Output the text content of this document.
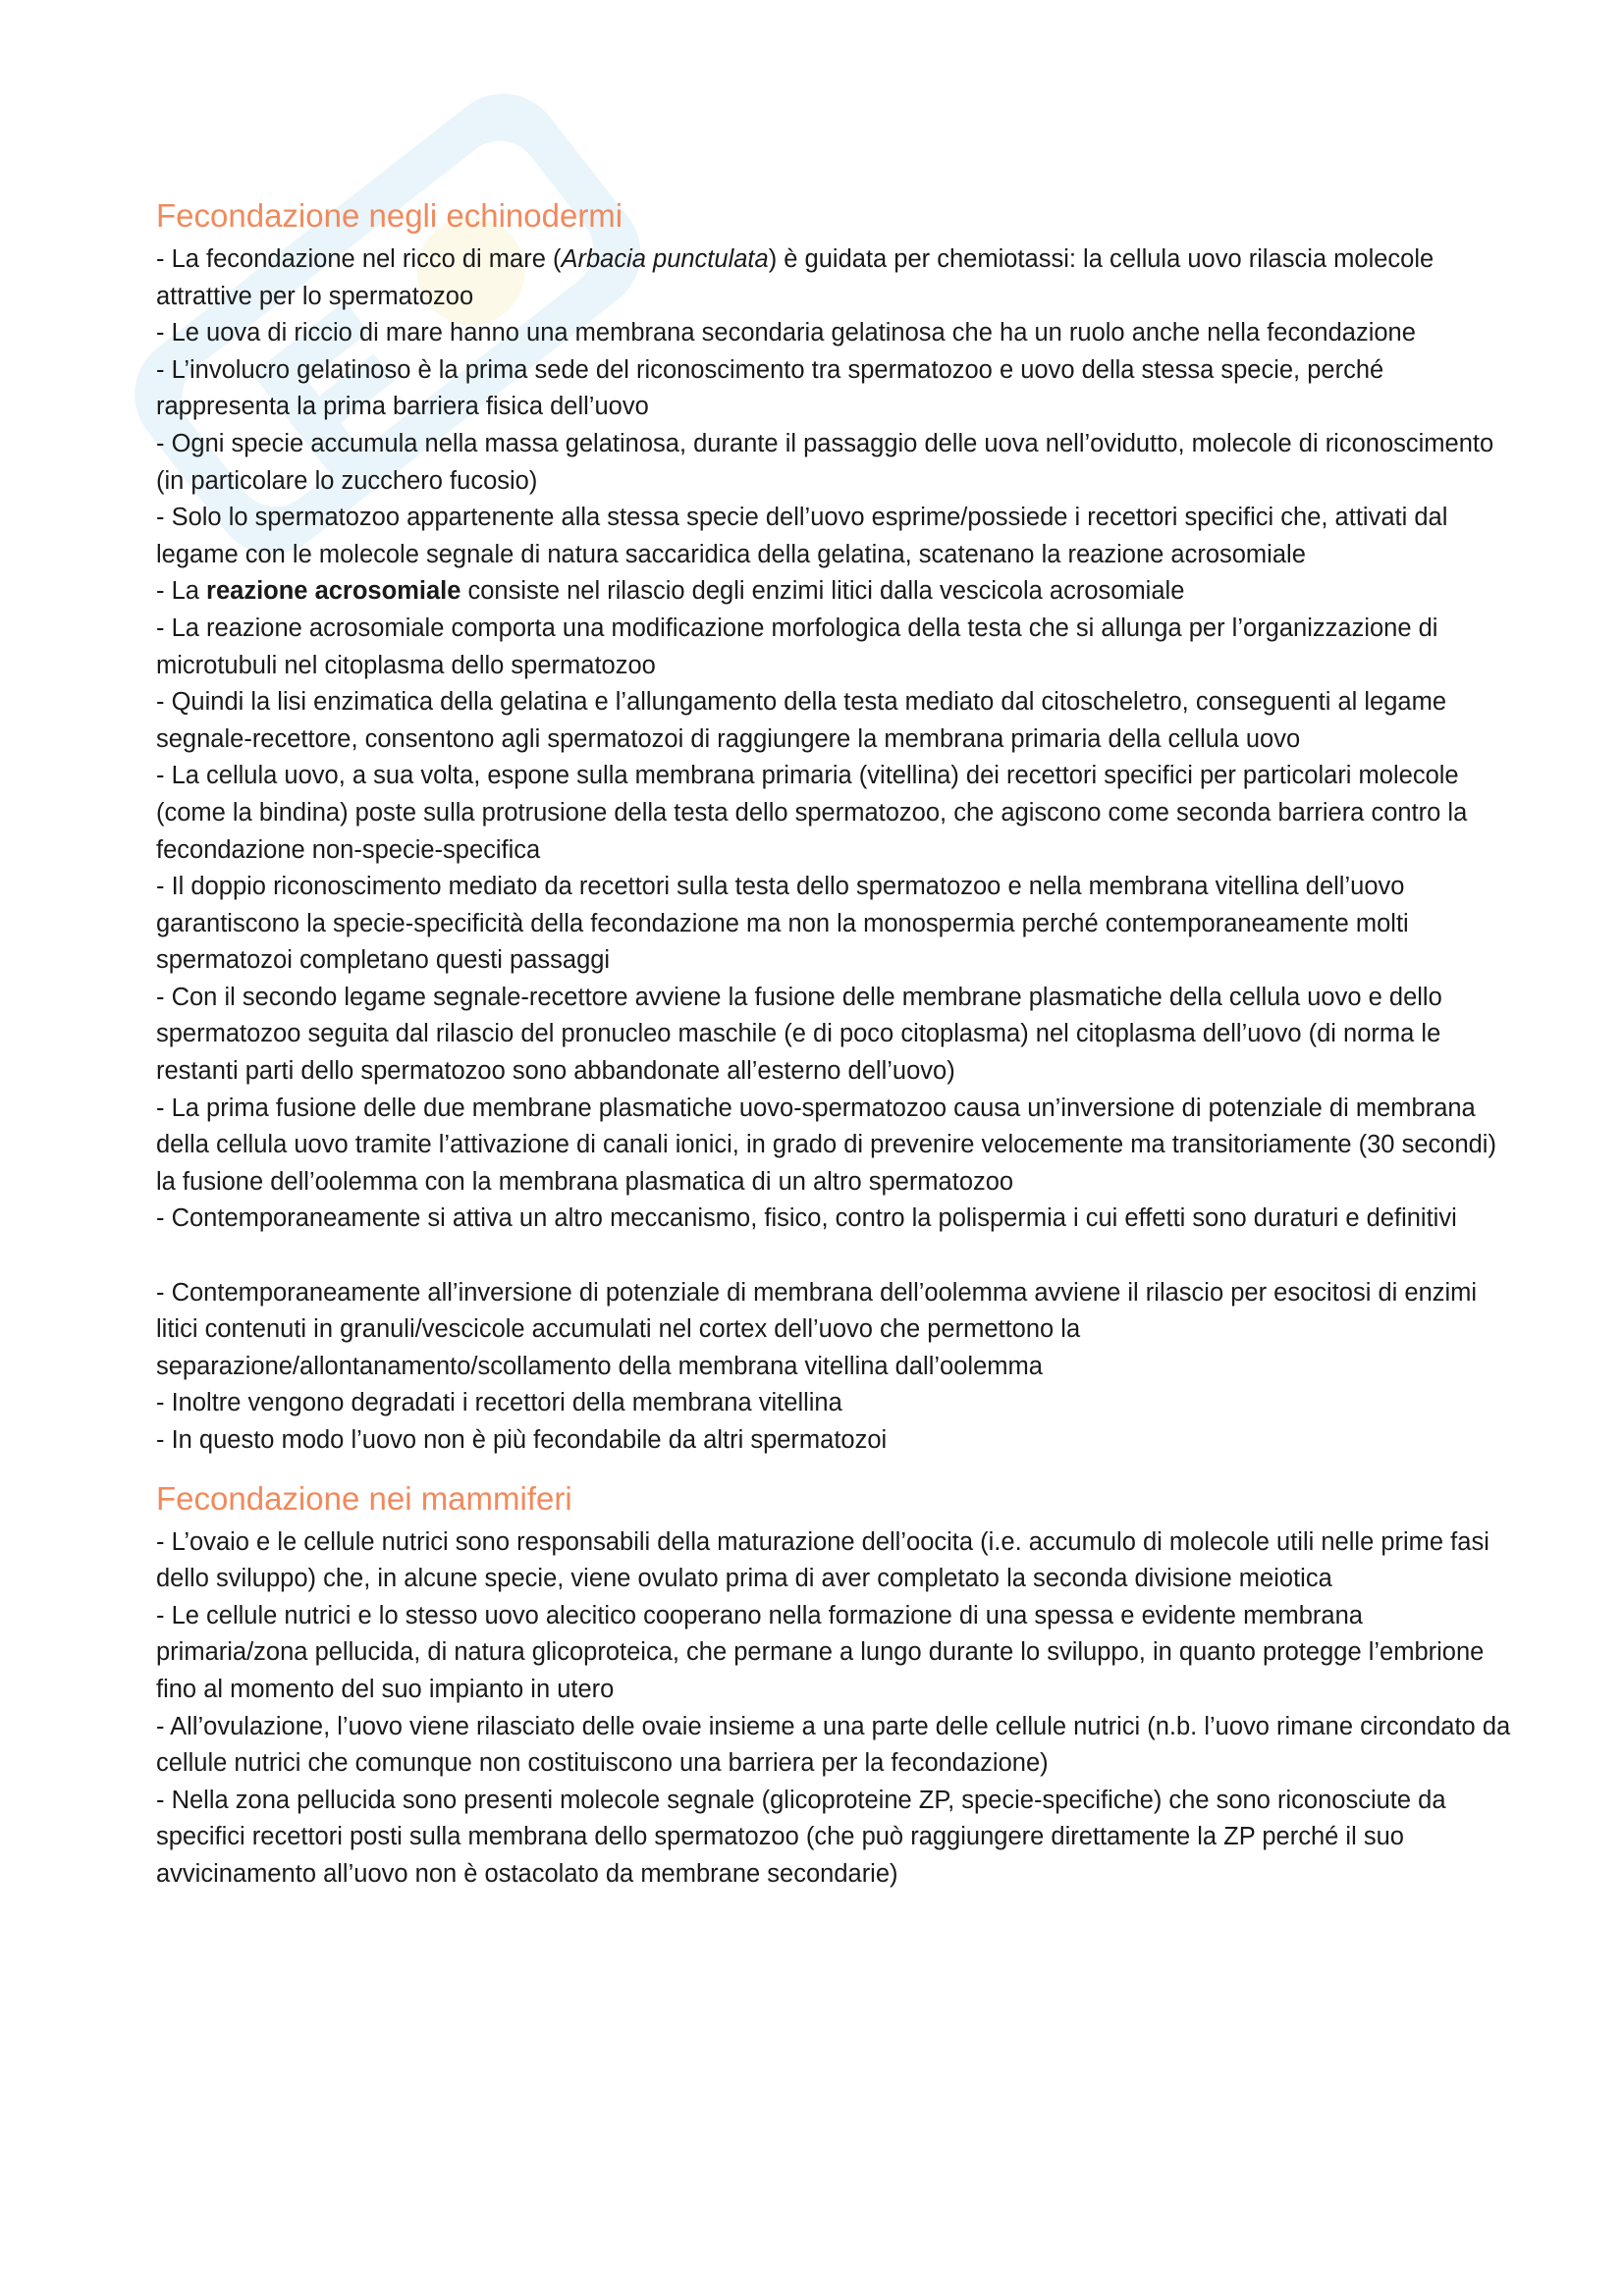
Fecondazione negli echinodermi

- La fecondazione nel ricco di mare (Arbacia punctulata) è guidata per chemiotassi: la cellula uovo rilascia molecole attrattive per lo spermatozoo

- Le uova di riccio di mare hanno una membrana secondaria gelatinosa che ha un ruolo anche nella fecondazione

- L’involucro gelatinoso è la prima sede del riconoscimento tra spermatozoo e uovo della stessa specie, perché rappresenta la prima barriera fisica dell’uovo

- Ogni specie accumula nella massa gelatinosa, durante il passaggio delle uova nell’ovidutto, molecole di riconoscimento (in particolare lo zucchero fucosio)

- Solo lo spermatozoo appartenente alla stessa specie dell’uovo esprime/possiede i recettori specifici che, attivati dal legame con le molecole segnale di natura saccaridica della gelatina, scatenano la reazione acrosomiale

- La reazione acrosomiale consiste nel rilascio degli enzimi litici dalla vescicola acrosomiale

- La reazione acrosomiale comporta una modificazione morfologica della testa che si allunga per l’organizzazione di microtubuli nel citoplasma dello spermatozoo

- Quindi la lisi enzimatica della gelatina e l’allungamento della testa mediato dal citoscheletro, conseguenti al legame segnale-recettore, consentono agli spermatozoi di raggiungere la membrana primaria della cellula uovo

- La cellula uovo, a sua volta, espone sulla membrana primaria (vitellina) dei recettori specifici per particolari molecole (come la bindina) poste sulla protrusione della testa dello spermatozoo, che agiscono come seconda barriera contro la fecondazione non-specie-specifica

- Il doppio riconoscimento mediato da recettori sulla testa dello spermatozoo e nella membrana vitellina dell’uovo garantiscono la specie-specificità della fecondazione ma non la monospermia perché contemporaneamente molti spermatozoi completano questi passaggi

- Con il secondo legame segnale-recettore avviene la fusione delle membrane plasmatiche della cellula uovo e dello spermatozoo seguita dal rilascio del pronucleo maschile (e di poco citoplasma) nel citoplasma dell’uovo (di norma le restanti parti dello spermatozoo sono abbandonate all’esterno dell’uovo)

- La prima fusione delle due membrane plasmatiche uovo-spermatozoo causa un’inversione di potenziale di membrana della cellula uovo tramite l’attivazione di canali ionici, in grado di prevenire velocemente ma transitoriamente (30 secondi) la fusione dell’oolemma con la membrana plasmatica di un altro spermatozoo

- Contemporaneamente si attiva un altro meccanismo, fisico, contro la polispermia i cui effetti sono duraturi e definitivi

- Contemporaneamente all’inversione di potenziale di membrana dell’oolemma avviene il rilascio per esocitosi di enzimi litici contenuti in granuli/vescicole accumulati nel cortex dell’uovo che permettono la separazione/allontanamento/scollamento della membrana vitellina dall’oolemma

- Inoltre vengono degradati i recettori della membrana vitellina

- In questo modo l’uovo non è più fecondabile da altri spermatozoi

Fecondazione nei mammiferi

- L’ovaio e le cellule nutrici sono responsabili della maturazione dell’oocita (i.e. accumulo di molecole utili nelle prime fasi dello sviluppo) che, in alcune specie, viene ovulato prima di aver completato la seconda divisione meiotica

- Le cellule nutrici e lo stesso uovo alecitico cooperano nella formazione di una spessa e evidente membrana primaria/zona pellucida, di natura glicoproteica, che permane a lungo durante lo sviluppo, in quanto protegge l’embrione fino al momento del suo impianto in utero

- All’ovulazione, l’uovo viene rilasciato delle ovaie insieme a una parte delle cellule nutrici (n.b. l’uovo rimane circondato da cellule nutrici che comunque non costituiscono una barriera per la fecondazione)

- Nella zona pellucida sono presenti molecole segnale (glicoproteine ZP, specie-specifiche) che sono riconosciute da specifici recettori posti sulla membrana dello spermatozoo (che può raggiungere direttamente la ZP perché il suo avvicinamento all’uovo non è ostacolato da membrane secondarie)
